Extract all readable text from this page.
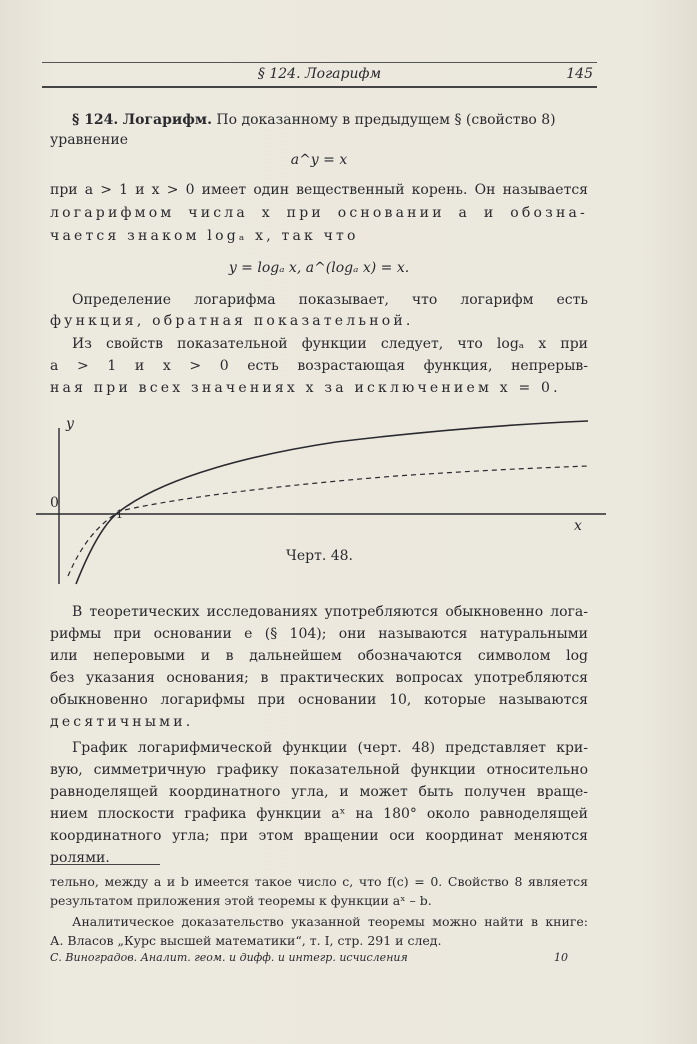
§ 124. Логарифм	145
§ 124. Логарифм. По доказанному в предыдущем § (свойство 8) уравнение
a^y = x
при a > 1 и x > 0 имеет один вещественный корень. Он называется
логарифмом числа x при основании a и обозна-
чается знаком logₐ x, так что
y = logₐ x, a^(logₐ x) = x.
Определение логарифма показывает, что логарифм есть
функция, обратная показательной.
Из свойств показательной функции следует, что logₐ x при
a > 1 и x > 0 есть возрастающая функция, непрерыв-
ная при всех значениях x за исключением x = 0.
y
x
0
1
Черт. 48.
В теоретических исследованиях употребляются обыкновенно лога-
рифмы при основании e (§ 104); они называются натуральными
или неперовыми и в дальнейшем обозначаются символом log
без указания основания; в практических вопросах употребляются
обыкновенно логарифмы при основании 10, которые называются
десятичными.
График логарифмической функции (черт. 48) представляет кри-
вую, симметричную графику показательной функции относительно
равноделящей координатного угла, и может быть получен враще-
нием плоскости графика функции aˣ на 180° около равноделящей
координатного угла; при этом вращении оси координат меняются
ролями.
тельно, между a и b имеется такое число c, что f(c) = 0. Свойство 8 является
результатом приложения этой теоремы к функции aˣ – b.
Аналитическое доказательство указанной теоремы можно найти в книге:
А. Власов „Курс высшей математики“, т. I, стр. 291 и след.
С. Виноградов. Аналит. геом. и дифф. и интегр. исчисления	10
